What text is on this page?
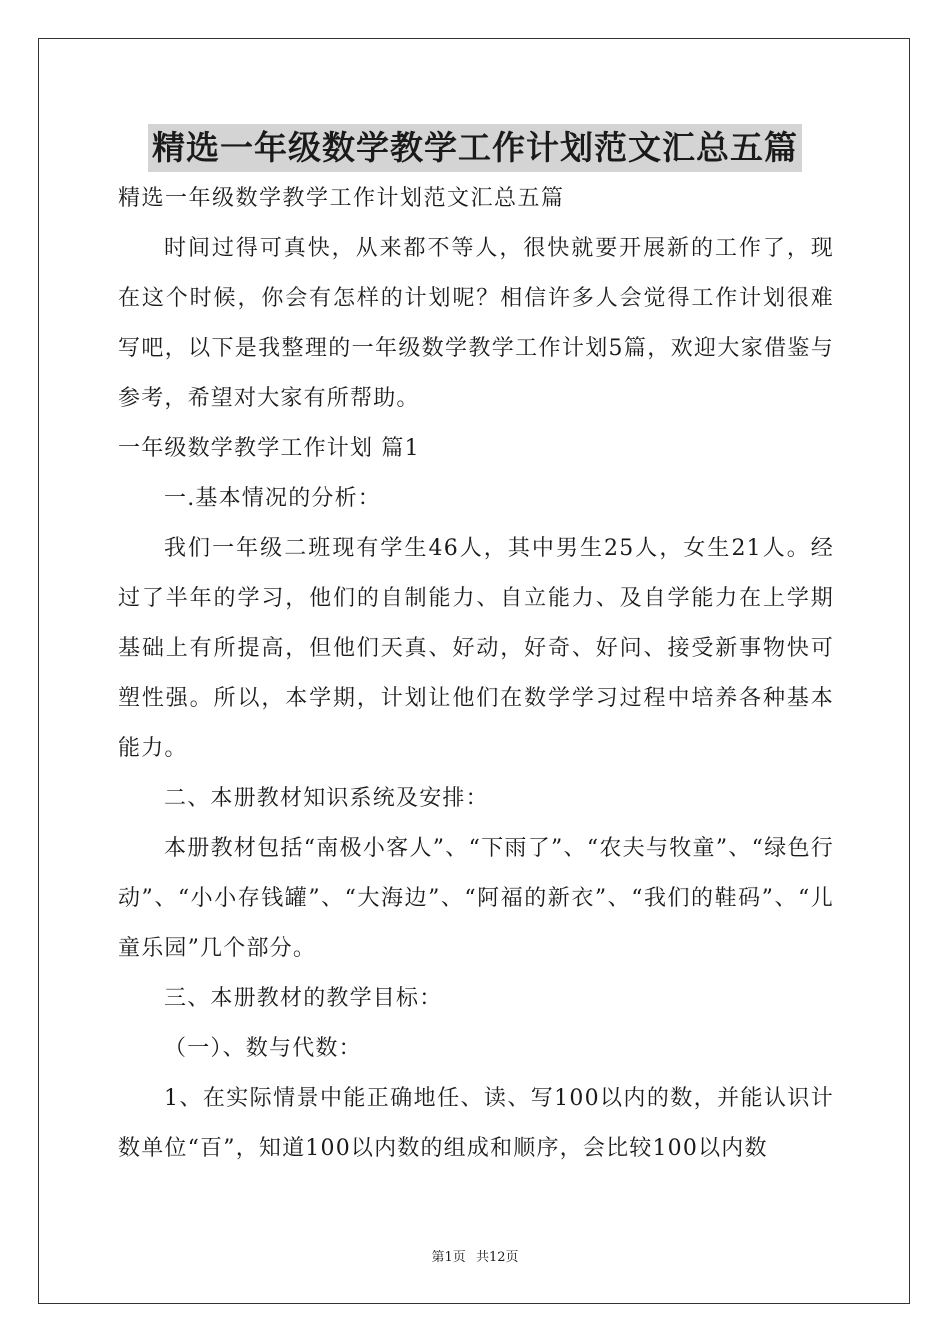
精选一年级数学教学工作计划范文汇总五篇

精选一年级数学教学工作计划范文汇总五篇

时间过得可真快，从来都不等人，很快就要开展新的工作了，现在这个时候，你会有怎样的计划呢？相信许多人会觉得工作计划很难写吧，以下是我整理的一年级数学教学工作计划5篇，欢迎大家借鉴与参考，希望对大家有所帮助。

一年级数学教学工作计划 篇1

一.基本情况的分析：

我们一年级二班现有学生46人，其中男生25人，女生21人。经过了半年的学习，他们的自制能力、自立能力、及自学能力在上学期基础上有所提高，但他们天真、好动，好奇、好问、接受新事物快可塑性强。所以，本学期，计划让他们在数学学习过程中培养各种基本能力。

二、本册教材知识系统及安排：

本册教材包括“南极小客人”、“下雨了”、“农夫与牧童”、“绿色行动”、“小小存钱罐”、“大海边”、“阿福的新衣”、“我们的鞋码”、“儿童乐园”几个部分。

三、本册教材的教学目标：

（一）、数与代数：

1、在实际情景中能正确地任、读、写100以内的数，并能认识计数单位“百”，知道100以内数的组成和顺序，会比较100以内数

第1页 共12页
